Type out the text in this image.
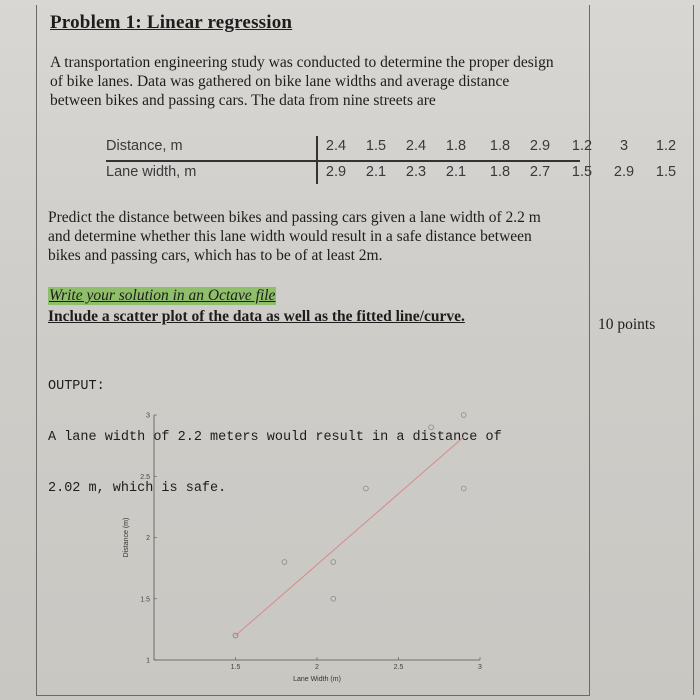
Problem 1: Linear regression
A transportation engineering study was conducted to determine the proper design
of bike lanes. Data was gathered on bike lane widths and average distance
between bikes and passing cars. The data from nine streets are
Distance, m	2.4	1.5	2.4	1.8	1.8	2.9	1.2	3	1.2
Lane width, m	2.9	2.1	2.3	2.1	1.8	2.7	1.5	2.9	1.5
Predict the distance between bikes and passing cars given a lane width of 2.2 m
and determine whether this lane width would result in a safe distance between
bikes and passing cars, which has to be of at least 2m.
Write your solution in an Octave file
Include a scatter plot of the data as well as the fitted line/curve.	10 points

OUTPUT:

A lane width of 2.2 meters would result in a distance of

2.02 m, which is safe.

1.5	2	2.5	3
1
1.5
2
2.5
3
Lane Width (m)
Distance (m)
